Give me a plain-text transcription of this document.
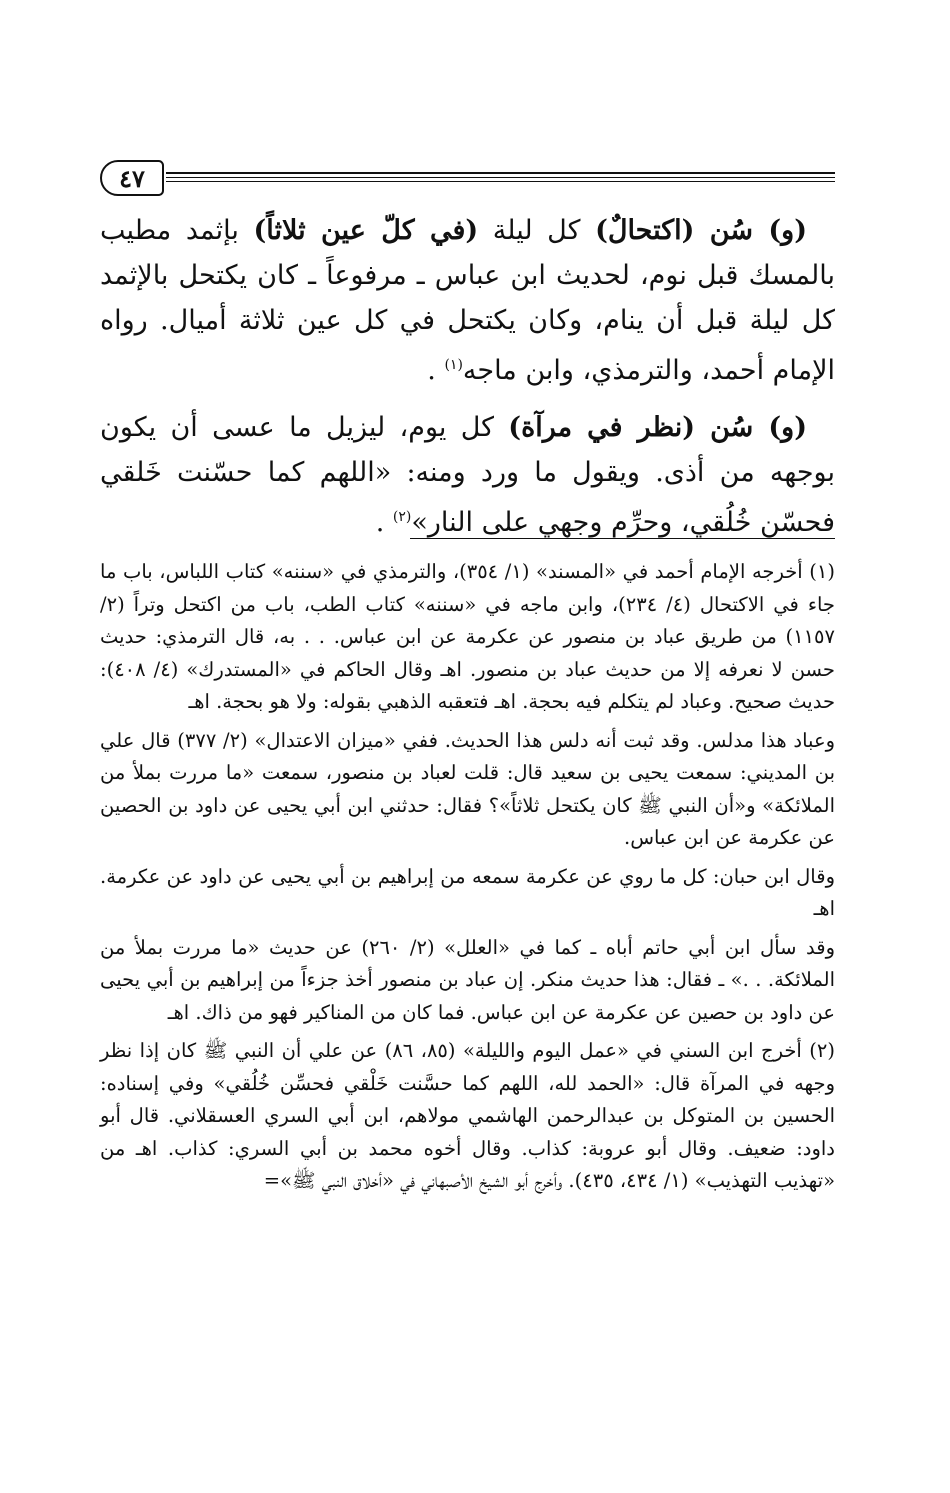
٤٧

(و) سُن (اكتحالٌ) كل ليلة (في كلّ عين ثلاثاً) بإثمد مطيب بالمسك قبل نوم، لحديث ابن عباس ـ مرفوعاً ـ كان يكتحل بالإثمد كل ليلة قبل أن ينام، وكان يكتحل في كل عين ثلاثة أميال. رواه الإمام أحمد، والترمذي، وابن ماجه$^{(١)}$ .

(و) سُن (نظر في مرآة) كل يوم، ليزيل ما عسى أن يكون بوجهه من أذى. ويقول ما ورد ومنه: «اللهم كما حسّنت خَلقي فحسّن خُلُقي، وحرِّم وجهي على النار»$^{(٢)}$ .

(١) أخرجه الإمام أحمد في «المسند» (١/ ٣٥٤)، والترمذي في «سننه» كتاب اللباس، باب ما جاء في الاكتحال (٤/ ٢٣٤)، وابن ماجه في «سننه» كتاب الطب، باب من اكتحل وتراً (٢/ ١١٥٧) من طريق عباد بن منصور عن عكرمة عن ابن عباس. . . به، قال الترمذي: حديث حسن لا نعرفه إلا من حديث عباد بن منصور. اهـ وقال الحاكم في «المستدرك» (٤/ ٤٠٨): حديث صحيح. وعباد لم يتكلم فيه بحجة. اهـ فتعقبه الذهبي بقوله: ولا هو بحجة. اهـ

وعباد هذا مدلس. وقد ثبت أنه دلس هذا الحديث. ففي «ميزان الاعتدال» (٢/ ٣٧٧) قال علي بن المديني: سمعت يحيى بن سعيد قال: قلت لعباد بن منصور، سمعت «ما مررت بملأ من الملائكة» و«أن النبي ﷺ كان يكتحل ثلاثاً»؟ فقال: حدثني ابن أبي يحيى عن داود بن الحصين عن عكرمة عن ابن عباس.

وقال ابن حبان: كل ما روي عن عكرمة سمعه من إبراهيم بن أبي يحيى عن داود عن عكرمة. اهـ

وقد سأل ابن أبي حاتم أباه ـ كما في «العلل» (٢/ ٢٦٠) عن حديث «ما مررت بملأ من الملائكة. . .» ـ فقال: هذا حديث منكر. إن عباد بن منصور أخذ جزءاً من إبراهيم بن أبي يحيى عن داود بن حصين عن عكرمة عن ابن عباس. فما كان من المناكير فهو من ذاك. اهـ

(٢) أخرج ابن السني في «عمل اليوم والليلة» (٨٥، ٨٦) عن علي أن النبي ﷺ كان إذا نظر وجهه في المرآة قال: «الحمد لله، اللهم كما حسَّنت خَلْقي فحسِّن خُلُقي» وفي إسناده: الحسين بن المتوكل بن عبدالرحمن الهاشمي مولاهم، ابن أبي السري العسقلاني. قال أبو داود: ضعيف. وقال أبو عروبة: كذاب. وقال أخوه محمد بن أبي السري: كذاب. اهـ من «تهذيب التهذيب» (١/ ٤٣٤، ٤٣٥). وأخرج أبو الشيخ الأصبهاني في «أخلاق النبي ﷺ»=
